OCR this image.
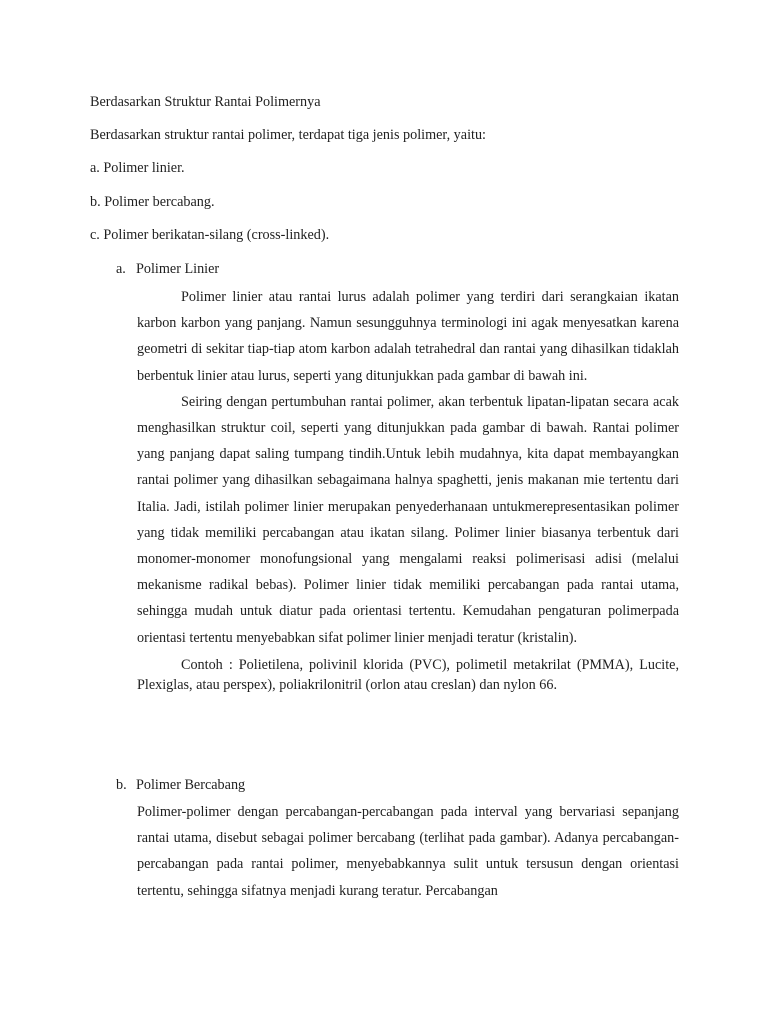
Berdasarkan Struktur Rantai Polimernya
Berdasarkan struktur rantai polimer, terdapat tiga jenis polimer, yaitu:
a. Polimer linier.
b. Polimer bercabang.
c. Polimer berikatan-silang (cross-linked).
a. Polimer Linier

Polimer linier atau rantai lurus adalah polimer yang terdiri dari serangkaian ikatan karbon karbon yang panjang. Namun sesungguhnya terminologi ini agak menyesatkan karena geometri di sekitar tiap-tiap atom karbon adalah tetrahedral dan rantai yang dihasilkan tidaklah berbentuk linier atau lurus, seperti yang ditunjukkan pada gambar di bawah ini.

Seiring dengan pertumbuhan rantai polimer, akan terbentuk lipatan-lipatan secara acak menghasilkan struktur coil, seperti yang ditunjukkan pada gambar di bawah. Rantai polimer yang panjang dapat saling tumpang tindih.Untuk lebih mudahnya, kita dapat membayangkan rantai polimer yang dihasilkan sebagaimana halnya spaghetti, jenis makanan mie tertentu dari Italia. Jadi, istilah polimer linier merupakan penyederhanaan untukmerepresentasikan polimer yang tidak memiliki percabangan atau ikatan silang. Polimer linier biasanya terbentuk dari monomer-monomer monofungsional yang mengalami reaksi polimerisasi adisi (melalui mekanisme radikal bebas). Polimer linier tidak memiliki percabangan pada rantai utama, sehingga mudah untuk diatur pada orientasi tertentu. Kemudahan pengaturan polimerpada orientasi tertentu menyebabkan sifat polimer linier menjadi teratur (kristalin).

Contoh : Polietilena, polivinil klorida (PVC), polimetil metakrilat (PMMA), Lucite, Plexiglas, atau perspex), poliakrilonitril (orlon atau creslan) dan nylon 66.

b. Polimer Bercabang

Polimer-polimer dengan percabangan-percabangan pada interval yang bervariasi sepanjang rantai utama, disebut sebagai polimer bercabang (terlihat pada gambar). Adanya percabangan-percabangan pada rantai polimer, menyebabkannya sulit untuk tersusun dengan orientasi tertentu, sehingga sifatnya menjadi kurang teratur. Percabangan
